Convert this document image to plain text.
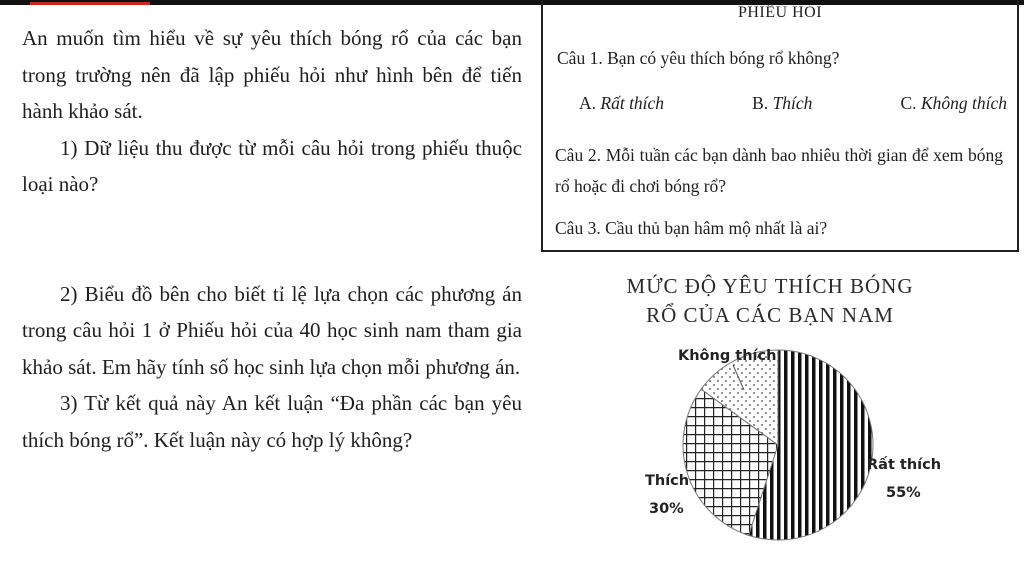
An muốn tìm hiểu về sự yêu thích bóng rổ của các bạn trong trường nên đã lập phiếu hỏi như hình bên để tiến hành khảo sát.

1) Dữ liệu thu được từ mỗi câu hỏi trong phiếu thuộc loại nào?

2) Biểu đồ bên cho biết tỉ lệ lựa chọn các phương án trong câu hỏi 1 ở Phiếu hỏi của 40 học sinh nam tham gia khảo sát. Em hãy tính số học sinh lựa chọn mỗi phương án.

3) Từ kết quả này An kết luận “Đa phần các bạn yêu thích bóng rổ”. Kết luận này có hợp lý không?

PHIẾU HỎI
Câu 1. Bạn có yêu thích bóng rổ không?
A. Rất thích	B. Thích	C. Không thích
Câu 2. Mỗi tuần các bạn dành bao nhiêu thời gian để xem bóng rổ hoặc đi chơi bóng rổ?
Câu 3. Cầu thủ bạn hâm mộ nhất là ai?
MỨC ĐỘ YÊU THÍCH BÓNG
RỔ CỦA CÁC BẠN NAM
Không thích
Thích
30%
Rất thích
55%
